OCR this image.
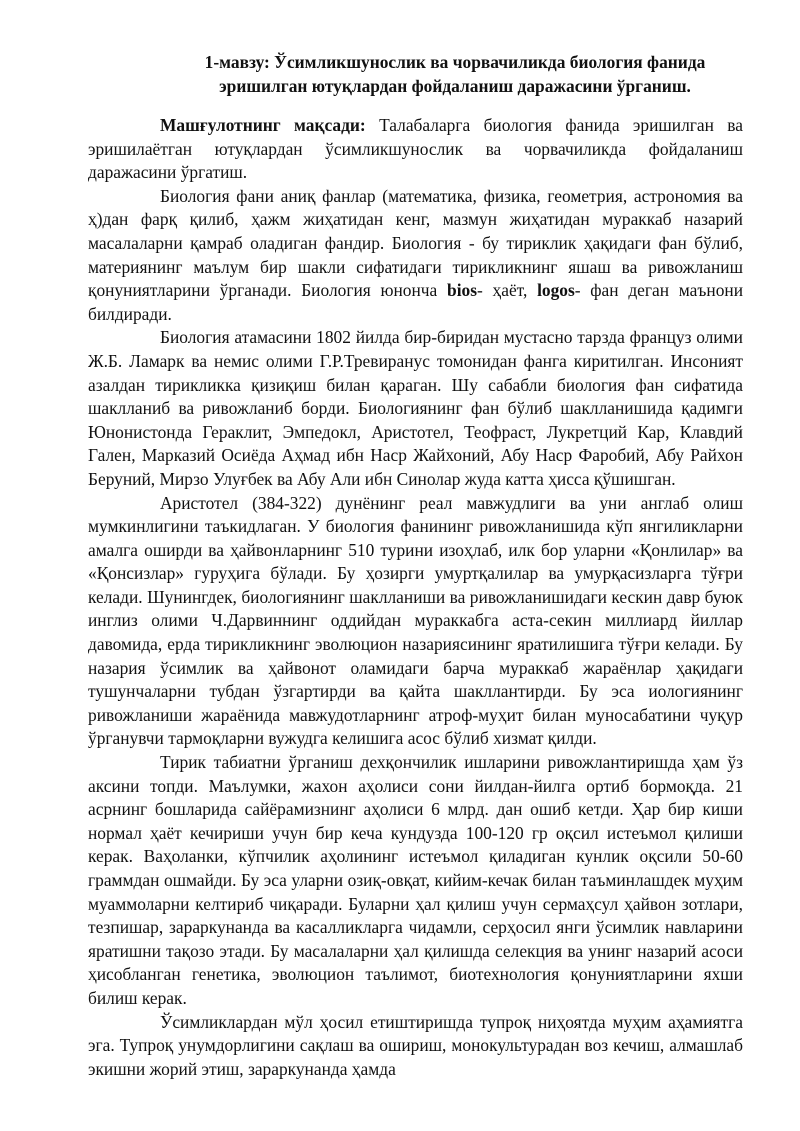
1-мавзу: Ўсимликшунослик ва чорвачиликда биология фанида
эришилган ютуқлардан фойдаланиш даражасини ўрганиш.

Машғулотнинг мақсади: Талабаларга биология фанида эришилган ва эришилаётган ютуқлардан ўсимликшунослик ва чорвачиликда фойдаланиш даражасини ўргатиш.

Биология фани аниқ фанлар (математика, физика, геометрия, астрономия ва ҳ)дан фарқ қилиб, ҳажм жиҳатидан кенг, мазмун жиҳатидан мураккаб назарий масалаларни қамраб оладиган фандир. Биология - бу тириклик ҳақидаги фан бўлиб, материянинг маълум бир шакли сифатидаги тирикликнинг яшаш ва ривожланиш қонуниятларини ўрганади. Биология юнонча bios- ҳаёт, logos- фан деган маънони билдиради.

Биология атамасини 1802 йилда бир-биридан мустасно тарзда француз олими Ж.Б. Ламарк ва немис олими Г.Р.Тревиранус томонидан фанга киритилган. Инсоният азалдан тирикликка қизиқиш билан қараган. Шу сабабли биология фан сифатида шаклланиб ва ривожланиб борди. Биологиянинг фан бўлиб шаклланишида қадимги Юнонистонда Гераклит, Эмпедокл, Аристотел, Теофраст, Лукретций Кар, Клавдий Гален, Марказий Осиёда Аҳмад ибн Наср Жайхоний, Абу Наср Фаробий, Абу Райхон Беруний, Мирзо Улуғбек ва Абу Али ибн Синолар жуда катта ҳисса қўшишган.

Аристотел (384-322) дунёнинг реал мавжудлиги ва уни англаб олиш мумкинлигини таъкидлаган. У биология фанининг ривожланишида кўп янгиликларни амалга оширди ва ҳайвонларнинг 510 турини изоҳлаб, илк бор уларни «Қонлилар» ва «Қонсизлар» гуруҳига бўлади. Бу ҳозирги умуртқалилар ва умурқасизларга тўғри келади. Шунингдек, биологиянинг шаклланиши ва ривожланишидаги кескин давр буюк инглиз олими Ч.Дарвиннинг оддийдан мураккабга аста-секин миллиард йиллар давомида, ерда тирикликнинг эволюцион назариясининг яратилишига тўғри келади. Бу назария ўсимлик ва ҳайвонот оламидаги барча мураккаб жараёнлар ҳақидаги тушунчаларни тубдан ўзгартирди ва қайта шакллантирди. Бу эса иологиянинг ривожланиши жараёнида мавжудотларнинг атроф-муҳит билан муносабатини чуқур ўрганувчи тармоқларни вужудга келишига асос бўлиб хизмат қилди.

Тирик табиатни ўрганиш дехқончилик ишларини ривожлантиришда ҳам ўз аксини топди. Маълумки, жахон аҳолиси сони йилдан-йилга ортиб бормоқда. 21 асрнинг бошларида сайёрамизнинг аҳолиси 6 млрд. дан ошиб кетди. Ҳар бир киши нормал ҳаёт кечириши учун бир кеча кундузда 100-120 гр оқсил истеъмол қилиши керак. Ваҳоланки, кўпчилик аҳолининг истеъмол қиладиган кунлик оқсили 50-60 граммдан ошмайди. Бу эса уларни озиқ-овқат, кийим-кечак билан таъминлашдек муҳим муаммоларни келтириб чиқаради. Буларни ҳал қилиш учун сермаҳсул ҳайвон зотлари, тезпишар, зараркунанда ва касалликларга чидамли, серҳосил янги ўсимлик навларини яратишни тақозо этади. Бу масалаларни ҳал қилишда селекция ва унинг назарий асоси ҳисобланган генетика, эволюцион таълимот, биотехнология қонуниятларини яхши билиш керак.

Ўсимликлардан мўл ҳосил етиштиришда тупроқ ниҳоятда муҳим аҳамиятга эга. Тупроқ унумдорлигини сақлаш ва ошириш, монокультурадан воз кечиш, алмашлаб экишни жорий этиш, зараркунанда ҳамда
